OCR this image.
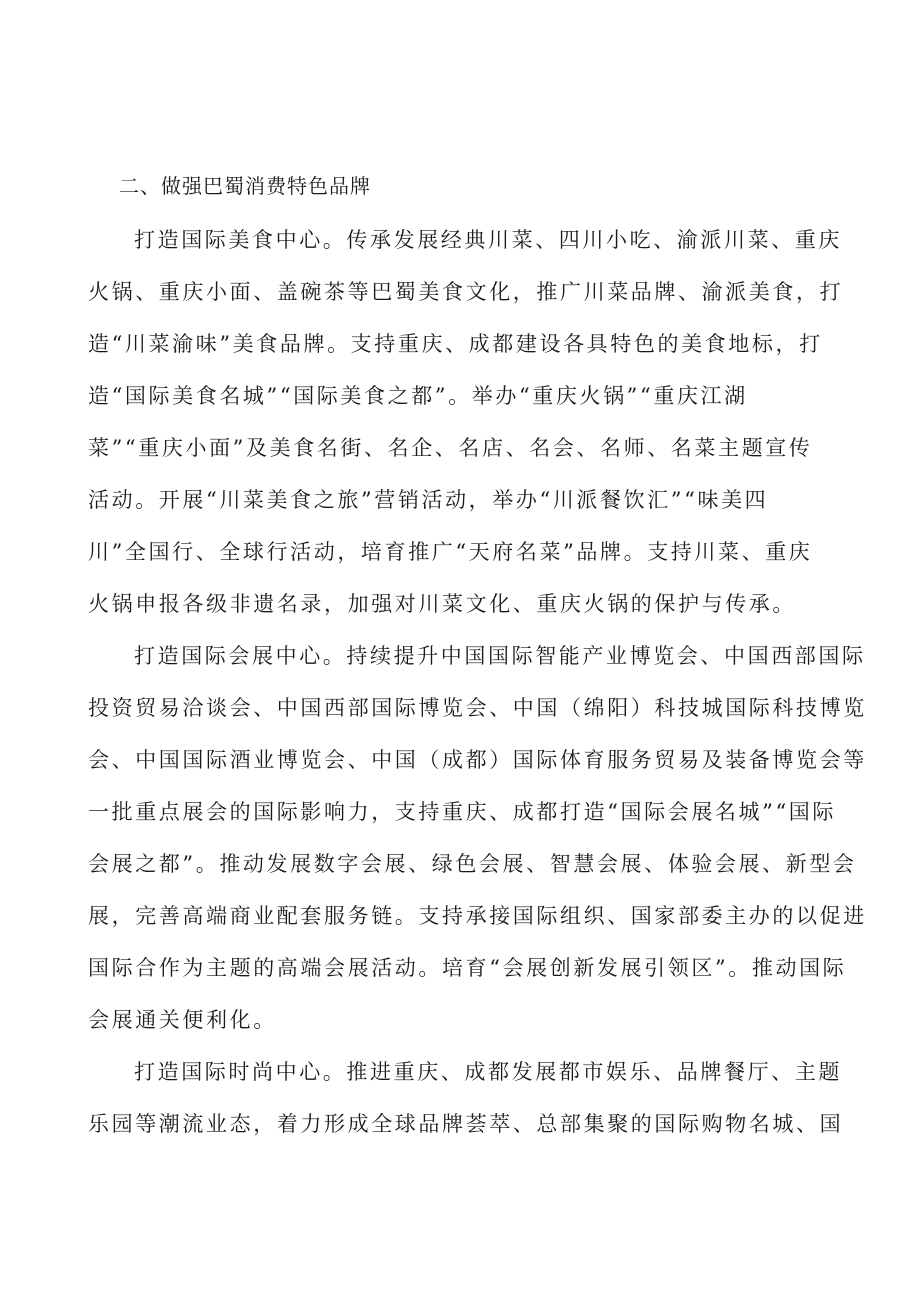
二、做强巴蜀消费特色品牌

打造国际美食中心。传承发展经典川菜、四川小吃、渝派川菜、重庆

火锅、重庆小面、盖碗茶等巴蜀美食文化，推广川菜品牌、渝派美食，打

造“川菜渝味”美食品牌。支持重庆、成都建设各具特色的美食地标，打

造“国际美食名城”“国际美食之都”。举办“重庆火锅”“重庆江湖

菜”“重庆小面”及美食名街、名企、名店、名会、名师、名菜主题宣传

活动。开展“川菜美食之旅”营销活动，举办“川派餐饮汇”“味美四

川”全国行、全球行活动，培育推广“天府名菜”品牌。支持川菜、重庆

火锅申报各级非遗名录，加强对川菜文化、重庆火锅的保护与传承。

打造国际会展中心。持续提升中国国际智能产业博览会、中国西部国际

投资贸易洽谈会、中国西部国际博览会、中国（绵阳）科技城国际科技博览

会、中国国际酒业博览会、中国（成都）国际体育服务贸易及装备博览会等

一批重点展会的国际影响力，支持重庆、成都打造“国际会展名城”“国际

会展之都”。推动发展数字会展、绿色会展、智慧会展、体验会展、新型会

展，完善高端商业配套服务链。支持承接国际组织、国家部委主办的以促进

国际合作为主题的高端会展活动。培育“会展创新发展引领区”。推动国际

会展通关便利化。

打造国际时尚中心。推进重庆、成都发展都市娱乐、品牌餐厅、主题

乐园等潮流业态，着力形成全球品牌荟萃、总部集聚的国际购物名城、国
